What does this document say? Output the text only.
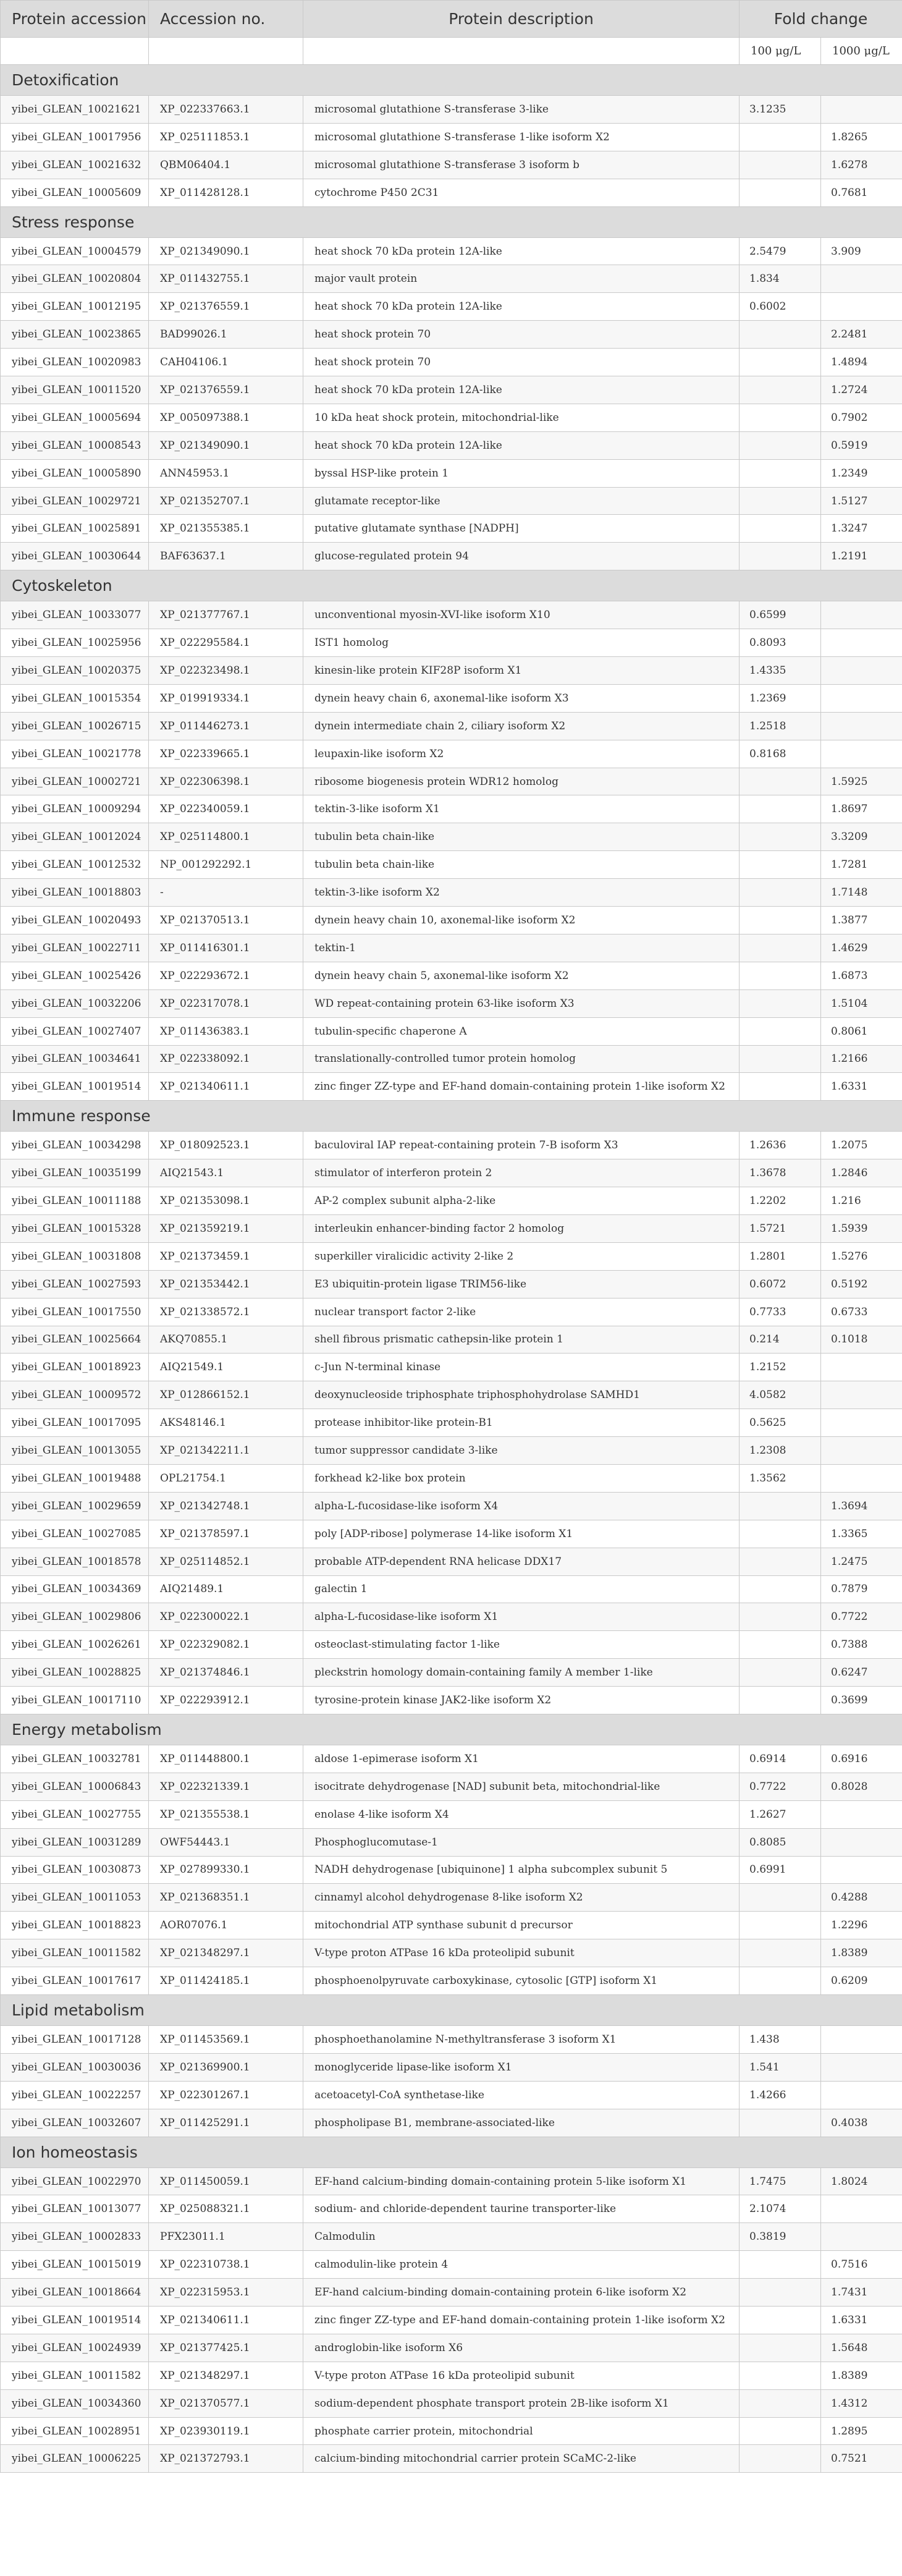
Protein accession	Accession no.	Protein description	Fold change	
			100 μg/L	1000 μg/L
Detoxification				
yibei_GLEAN_10021621	XP_022337663.1	microsomal glutathione S-transferase 3-like	3.1235	
yibei_GLEAN_10017956	XP_025111853.1	microsomal glutathione S-transferase 1-like isoform X2		1.8265
yibei_GLEAN_10021632	QBM06404.1	microsomal glutathione S-transferase 3 isoform b		1.6278
yibei_GLEAN_10005609	XP_011428128.1	cytochrome P450 2C31		0.7681
Stress response				
yibei_GLEAN_10004579	XP_021349090.1	heat shock 70 kDa protein 12A-like	2.5479	3.909
yibei_GLEAN_10020804	XP_011432755.1	major vault protein	1.834	
yibei_GLEAN_10012195	XP_021376559.1	heat shock 70 kDa protein 12A-like	0.6002	
yibei_GLEAN_10023865	BAD99026.1	heat shock protein 70		2.2481
yibei_GLEAN_10020983	CAH04106.1	heat shock protein 70		1.4894
yibei_GLEAN_10011520	XP_021376559.1	heat shock 70 kDa protein 12A-like		1.2724
yibei_GLEAN_10005694	XP_005097388.1	10 kDa heat shock protein, mitochondrial-like		0.7902
yibei_GLEAN_10008543	XP_021349090.1	heat shock 70 kDa protein 12A-like		0.5919
yibei_GLEAN_10005890	ANN45953.1	byssal HSP-like protein 1		1.2349
yibei_GLEAN_10029721	XP_021352707.1	glutamate receptor-like		1.5127
yibei_GLEAN_10025891	XP_021355385.1	putative glutamate synthase [NADPH]		1.3247
yibei_GLEAN_10030644	BAF63637.1	glucose-regulated protein 94		1.2191
Cytoskeleton				
yibei_GLEAN_10033077	XP_021377767.1	unconventional myosin-XVI-like isoform X10	0.6599	
yibei_GLEAN_10025956	XP_022295584.1	IST1 homolog	0.8093	
yibei_GLEAN_10020375	XP_022323498.1	kinesin-like protein KIF28P isoform X1	1.4335	
yibei_GLEAN_10015354	XP_019919334.1	dynein heavy chain 6, axonemal-like isoform X3	1.2369	
yibei_GLEAN_10026715	XP_011446273.1	dynein intermediate chain 2, ciliary isoform X2	1.2518	
yibei_GLEAN_10021778	XP_022339665.1	leupaxin-like isoform X2	0.8168	
yibei_GLEAN_10002721	XP_022306398.1	ribosome biogenesis protein WDR12 homolog		1.5925
yibei_GLEAN_10009294	XP_022340059.1	tektin-3-like isoform X1		1.8697
yibei_GLEAN_10012024	XP_025114800.1	tubulin beta chain-like		3.3209
yibei_GLEAN_10012532	NP_001292292.1	tubulin beta chain-like		1.7281
yibei_GLEAN_10018803	-	tektin-3-like isoform X2		1.7148
yibei_GLEAN_10020493	XP_021370513.1	dynein heavy chain 10, axonemal-like isoform X2		1.3877
yibei_GLEAN_10022711	XP_011416301.1	tektin-1		1.4629
yibei_GLEAN_10025426	XP_022293672.1	dynein heavy chain 5, axonemal-like isoform X2		1.6873
yibei_GLEAN_10032206	XP_022317078.1	WD repeat-containing protein 63-like isoform X3		1.5104
yibei_GLEAN_10027407	XP_011436383.1	tubulin-specific chaperone A		0.8061
yibei_GLEAN_10034641	XP_022338092.1	translationally-controlled tumor protein homolog		1.2166
yibei_GLEAN_10019514	XP_021340611.1	zinc finger ZZ-type and EF-hand domain-containing protein 1-like isoform X2		1.6331
Immune response				
yibei_GLEAN_10034298	XP_018092523.1	baculoviral IAP repeat-containing protein 7-B isoform X3	1.2636	1.2075
yibei_GLEAN_10035199	AIQ21543.1	stimulator of interferon protein 2	1.3678	1.2846
yibei_GLEAN_10011188	XP_021353098.1	AP-2 complex subunit alpha-2-like	1.2202	1.216
yibei_GLEAN_10015328	XP_021359219.1	interleukin enhancer-binding factor 2 homolog	1.5721	1.5939
yibei_GLEAN_10031808	XP_021373459.1	superkiller viralicidic activity 2-like 2	1.2801	1.5276
yibei_GLEAN_10027593	XP_021353442.1	E3 ubiquitin-protein ligase TRIM56-like	0.6072	0.5192
yibei_GLEAN_10017550	XP_021338572.1	nuclear transport factor 2-like	0.7733	0.6733
yibei_GLEAN_10025664	AKQ70855.1	shell fibrous prismatic cathepsin-like protein 1	0.214	0.1018
yibei_GLEAN_10018923	AIQ21549.1	c-Jun N-terminal kinase	1.2152	
yibei_GLEAN_10009572	XP_012866152.1	deoxynucleoside triphosphate triphosphohydrolase SAMHD1	4.0582	
yibei_GLEAN_10017095	AKS48146.1	protease inhibitor-like protein-B1	0.5625	
yibei_GLEAN_10013055	XP_021342211.1	tumor suppressor candidate 3-like	1.2308	
yibei_GLEAN_10019488	OPL21754.1	forkhead k2-like box protein	1.3562	
yibei_GLEAN_10029659	XP_021342748.1	alpha-L-fucosidase-like isoform X4		1.3694
yibei_GLEAN_10027085	XP_021378597.1	poly [ADP-ribose] polymerase 14-like isoform X1		1.3365
yibei_GLEAN_10018578	XP_025114852.1	probable ATP-dependent RNA helicase DDX17		1.2475
yibei_GLEAN_10034369	AIQ21489.1	galectin 1		0.7879
yibei_GLEAN_10029806	XP_022300022.1	alpha-L-fucosidase-like isoform X1		0.7722
yibei_GLEAN_10026261	XP_022329082.1	osteoclast-stimulating factor 1-like		0.7388
yibei_GLEAN_10028825	XP_021374846.1	pleckstrin homology domain-containing family A member 1-like		0.6247
yibei_GLEAN_10017110	XP_022293912.1	tyrosine-protein kinase JAK2-like isoform X2		0.3699
Energy metabolism				
yibei_GLEAN_10032781	XP_011448800.1	aldose 1-epimerase isoform X1	0.6914	0.6916
yibei_GLEAN_10006843	XP_022321339.1	isocitrate dehydrogenase [NAD] subunit beta, mitochondrial-like	0.7722	0.8028
yibei_GLEAN_10027755	XP_021355538.1	enolase 4-like isoform X4	1.2627	
yibei_GLEAN_10031289	OWF54443.1	Phosphoglucomutase-1	0.8085	
yibei_GLEAN_10030873	XP_027899330.1	NADH dehydrogenase [ubiquinone] 1 alpha subcomplex subunit 5	0.6991	
yibei_GLEAN_10011053	XP_021368351.1	cinnamyl alcohol dehydrogenase 8-like isoform X2		0.4288
yibei_GLEAN_10018823	AOR07076.1	mitochondrial ATP synthase subunit d precursor		1.2296
yibei_GLEAN_10011582	XP_021348297.1	V-type proton ATPase 16 kDa proteolipid subunit		1.8389
yibei_GLEAN_10017617	XP_011424185.1	phosphoenolpyruvate carboxykinase, cytosolic [GTP] isoform X1		0.6209
Lipid metabolism				
yibei_GLEAN_10017128	XP_011453569.1	phosphoethanolamine N-methyltransferase 3 isoform X1	1.438	
yibei_GLEAN_10030036	XP_021369900.1	monoglyceride lipase-like isoform X1	1.541	
yibei_GLEAN_10022257	XP_022301267.1	acetoacetyl-CoA synthetase-like	1.4266	
yibei_GLEAN_10032607	XP_011425291.1	phospholipase B1, membrane-associated-like		0.4038
Ion homeostasis				
yibei_GLEAN_10022970	XP_011450059.1	EF-hand calcium-binding domain-containing protein 5-like isoform X1	1.7475	1.8024
yibei_GLEAN_10013077	XP_025088321.1	sodium- and chloride-dependent taurine transporter-like	2.1074	
yibei_GLEAN_10002833	PFX23011.1	Calmodulin	0.3819	
yibei_GLEAN_10015019	XP_022310738.1	calmodulin-like protein 4		0.7516
yibei_GLEAN_10018664	XP_022315953.1	EF-hand calcium-binding domain-containing protein 6-like isoform X2		1.7431
yibei_GLEAN_10019514	XP_021340611.1	zinc finger ZZ-type and EF-hand domain-containing protein 1-like isoform X2		1.6331
yibei_GLEAN_10024939	XP_021377425.1	androglobin-like isoform X6		1.5648
yibei_GLEAN_10011582	XP_021348297.1	V-type proton ATPase 16 kDa proteolipid subunit		1.8389
yibei_GLEAN_10034360	XP_021370577.1	sodium-dependent phosphate transport protein 2B-like isoform X1		1.4312
yibei_GLEAN_10028951	XP_023930119.1	phosphate carrier protein, mitochondrial		1.2895
yibei_GLEAN_10006225	XP_021372793.1	calcium-binding mitochondrial carrier protein SCaMC-2-like		0.7521
